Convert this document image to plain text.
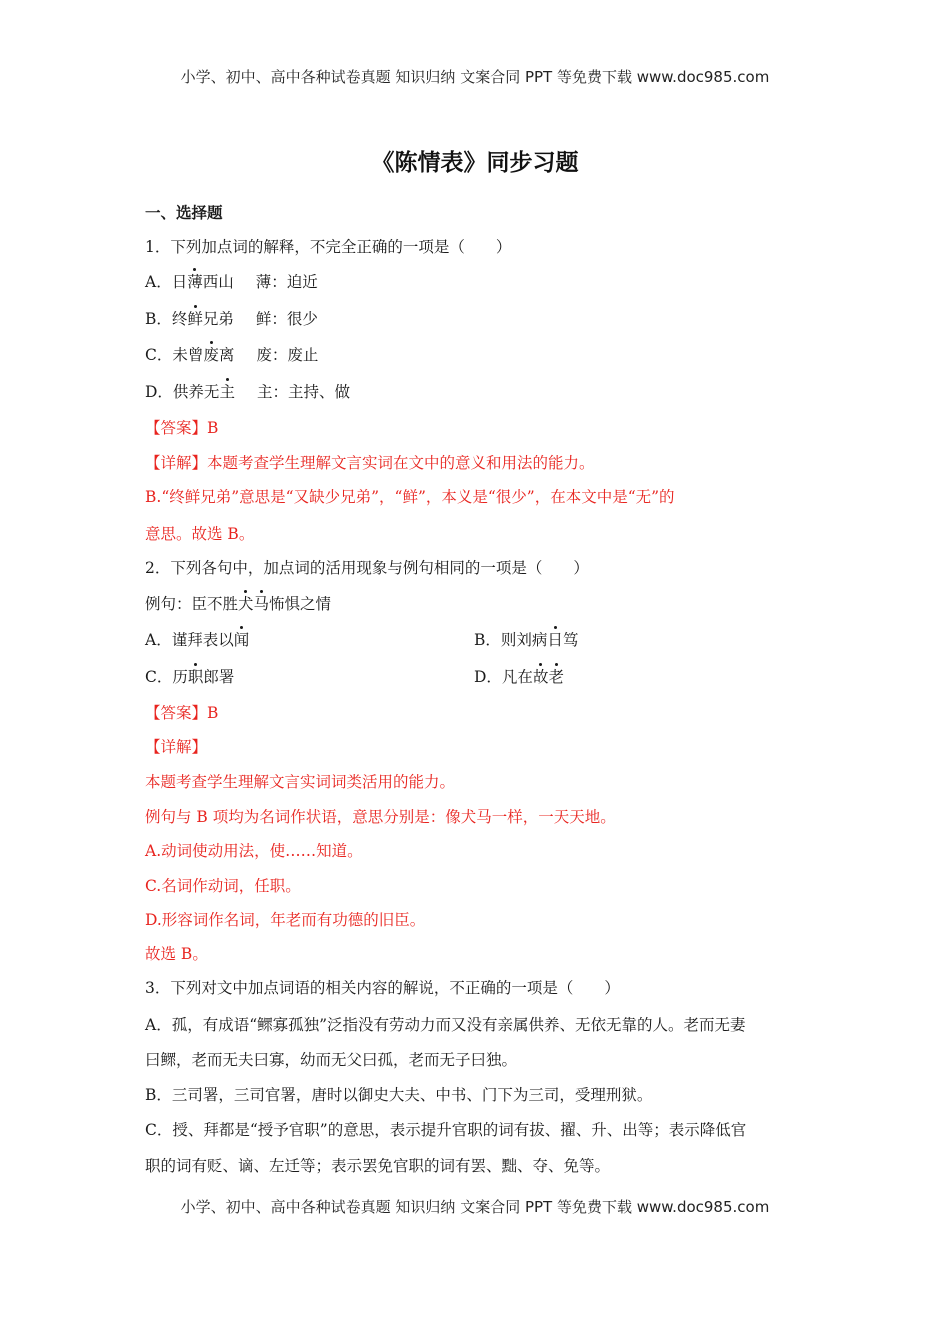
小学、初中、高中各种试卷真题 知识归纳 文案合同 PPT 等免费下载 www.doc985.com
《陈情表》同步习题
一、选择题
1．下列加点词的解释，不完全正确的一项是（　　）
A．日薄西山 薄：迫近
B．终鲜兄弟 鲜：很少
C．未曾废离 废：废止
D．供养无主 主：主持、做
【答案】B
【详解】本题考查学生理解文言实词在文中的意义和用法的能力。
B.“终鲜兄弟”意思是“又缺少兄弟”，“鲜”，本义是“很少”，在本文中是“无”的
意思。故选 B。
2．下列各句中，加点词的活用现象与例句相同的一项是（　　）
例句：臣不胜犬马怖惧之情
A．谨拜表以闻	B．则刘病日笃
C．历职郎署	D．凡在故老
【答案】B
【详解】
本题考查学生理解文言实词词类活用的能力。
例句与 B 项均为名词作状语，意思分别是：像犬马一样，一天天地。
A.动词使动用法，使……知道。
C.名词作动词，任职。
D.形容词作名词，年老而有功德的旧臣。
故选 B。
3．下列对文中加点词语的相关内容的解说，不正确的一项是（　　）
A．孤，有成语“鳏寡孤独”泛指没有劳动力而又没有亲属供养、无依无靠的人。老而无妻
曰鳏，老而无夫曰寡，幼而无父曰孤，老而无子曰独。
B．三司署，三司官署，唐时以御史大夫、中书、门下为三司，受理刑狱。
C．授、拜都是“授予官职”的意思，表示提升官职的词有拔、擢、升、出等；表示降低官
职的词有贬、谪、左迁等；表示罢免官职的词有罢、黜、夺、免等。
小学、初中、高中各种试卷真题 知识归纳 文案合同 PPT 等免费下载 www.doc985.com
